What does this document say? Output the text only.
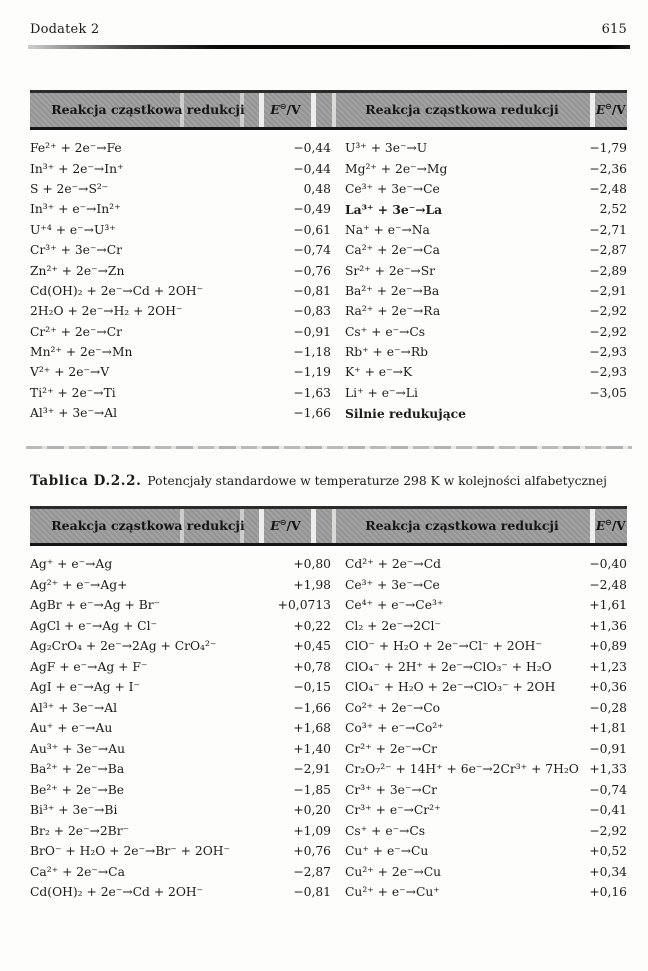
Dodatek 2	615
Reakcja cząstkowa redukcji	E⊖/V	Reakcja cząstkowa redukcji	E⊖/V
Fe²⁺ + 2e⁻→Fe	−0,44
In³⁺ + 2e⁻→In⁺	−0,44
S + 2e⁻→S²⁻	0,48
In³⁺ + e⁻→In²⁺	−0,49
U⁺⁴ + e⁻→U³⁺	−0,61
Cr³⁺ + 3e⁻→Cr	−0,74
Zn²⁺ + 2e⁻→Zn	−0,76
Cd(OH)₂ + 2e⁻→Cd + 2OH⁻	−0,81
2H₂O + 2e⁻→H₂ + 2OH⁻	−0,83
Cr²⁺ + 2e⁻→Cr	−0,91
Mn²⁺ + 2e⁻→Mn	−1,18
V²⁺ + 2e⁻→V	−1,19
Ti²⁺ + 2e⁻→Ti	−1,63
Al³⁺ + 3e⁻→Al	−1,66
U³⁺ + 3e⁻→U	−1,79
Mg²⁺ + 2e⁻→Mg	−2,36
Ce³⁺ + 3e⁻→Ce	−2,48
La³⁺ + 3e⁻→La	2,52
Na⁺ + e⁻→Na	−2,71
Ca²⁺ + 2e⁻→Ca	−2,87
Sr²⁺ + 2e⁻→Sr	−2,89
Ba²⁺ + 2e⁻→Ba	−2,91
Ra²⁺ + 2e⁻→Ra	−2,92
Cs⁺ + e⁻→Cs	−2,92
Rb⁺ + e⁻→Rb	−2,93
K⁺ + e⁻→K	−2,93
Li⁺ + e⁻→Li	−3,05
Silnie redukujące
Tablica D.2.2. Potencjały standardowe w temperaturze 298 K w kolejności alfabetycznej
Reakcja cząstkowa redukcji	E⊖/V	Reakcja cząstkowa redukcji	E⊖/V
Ag⁺ + e⁻→Ag	+0,80
Ag²⁺ + e⁻→Ag+	+1,98
AgBr + e⁻→Ag + Br⁻	+0,0713
AgCl + e⁻→Ag + Cl⁻	+0,22
Ag₂CrO₄ + 2e⁻→2Ag + CrO₄²⁻	+0,45
AgF + e⁻→Ag + F⁻	+0,78
AgI + e⁻→Ag + I⁻	−0,15
Al³⁺ + 3e⁻→Al	−1,66
Au⁺ + e⁻→Au	+1,68
Au³⁺ + 3e⁻→Au	+1,40
Ba²⁺ + 2e⁻→Ba	−2,91
Be²⁺ + 2e⁻→Be	−1,85
Bi³⁺ + 3e⁻→Bi	+0,20
Br₂ + 2e⁻→2Br⁻	+1,09
BrO⁻ + H₂O + 2e⁻→Br⁻ + 2OH⁻	+0,76
Ca²⁺ + 2e⁻→Ca	−2,87
Cd(OH)₂ + 2e⁻→Cd + 2OH⁻	−0,81
Cd²⁺ + 2e⁻→Cd	−0,40
Ce³⁺ + 3e⁻→Ce	−2,48
Ce⁴⁺ + e⁻→Ce³⁺	+1,61
Cl₂ + 2e⁻→2Cl⁻	+1,36
ClO⁻ + H₂O + 2e⁻→Cl⁻ + 2OH⁻	+0,89
ClO₄⁻ + 2H⁺ + 2e⁻→ClO₃⁻ + H₂O	+1,23
ClO₄⁻ + H₂O + 2e⁻→ClO₃⁻ + 2OH	+0,36
Co²⁺ + 2e⁻→Co	−0,28
Co³⁺ + e⁻→Co²⁺	+1,81
Cr²⁺ + 2e⁻→Cr	−0,91
Cr₂O₇²⁻ + 14H⁺ + 6e⁻→2Cr³⁺ + 7H₂O +1,33
Cr³⁺ + 3e⁻→Cr	−0,74
Cr³⁺ + e⁻→Cr²⁺	−0,41
Cs⁺ + e⁻→Cs	−2,92
Cu⁺ + e⁻→Cu	+0,52
Cu²⁺ + 2e⁻→Cu	+0,34
Cu²⁺ + e⁻→Cu⁺	+0,16
